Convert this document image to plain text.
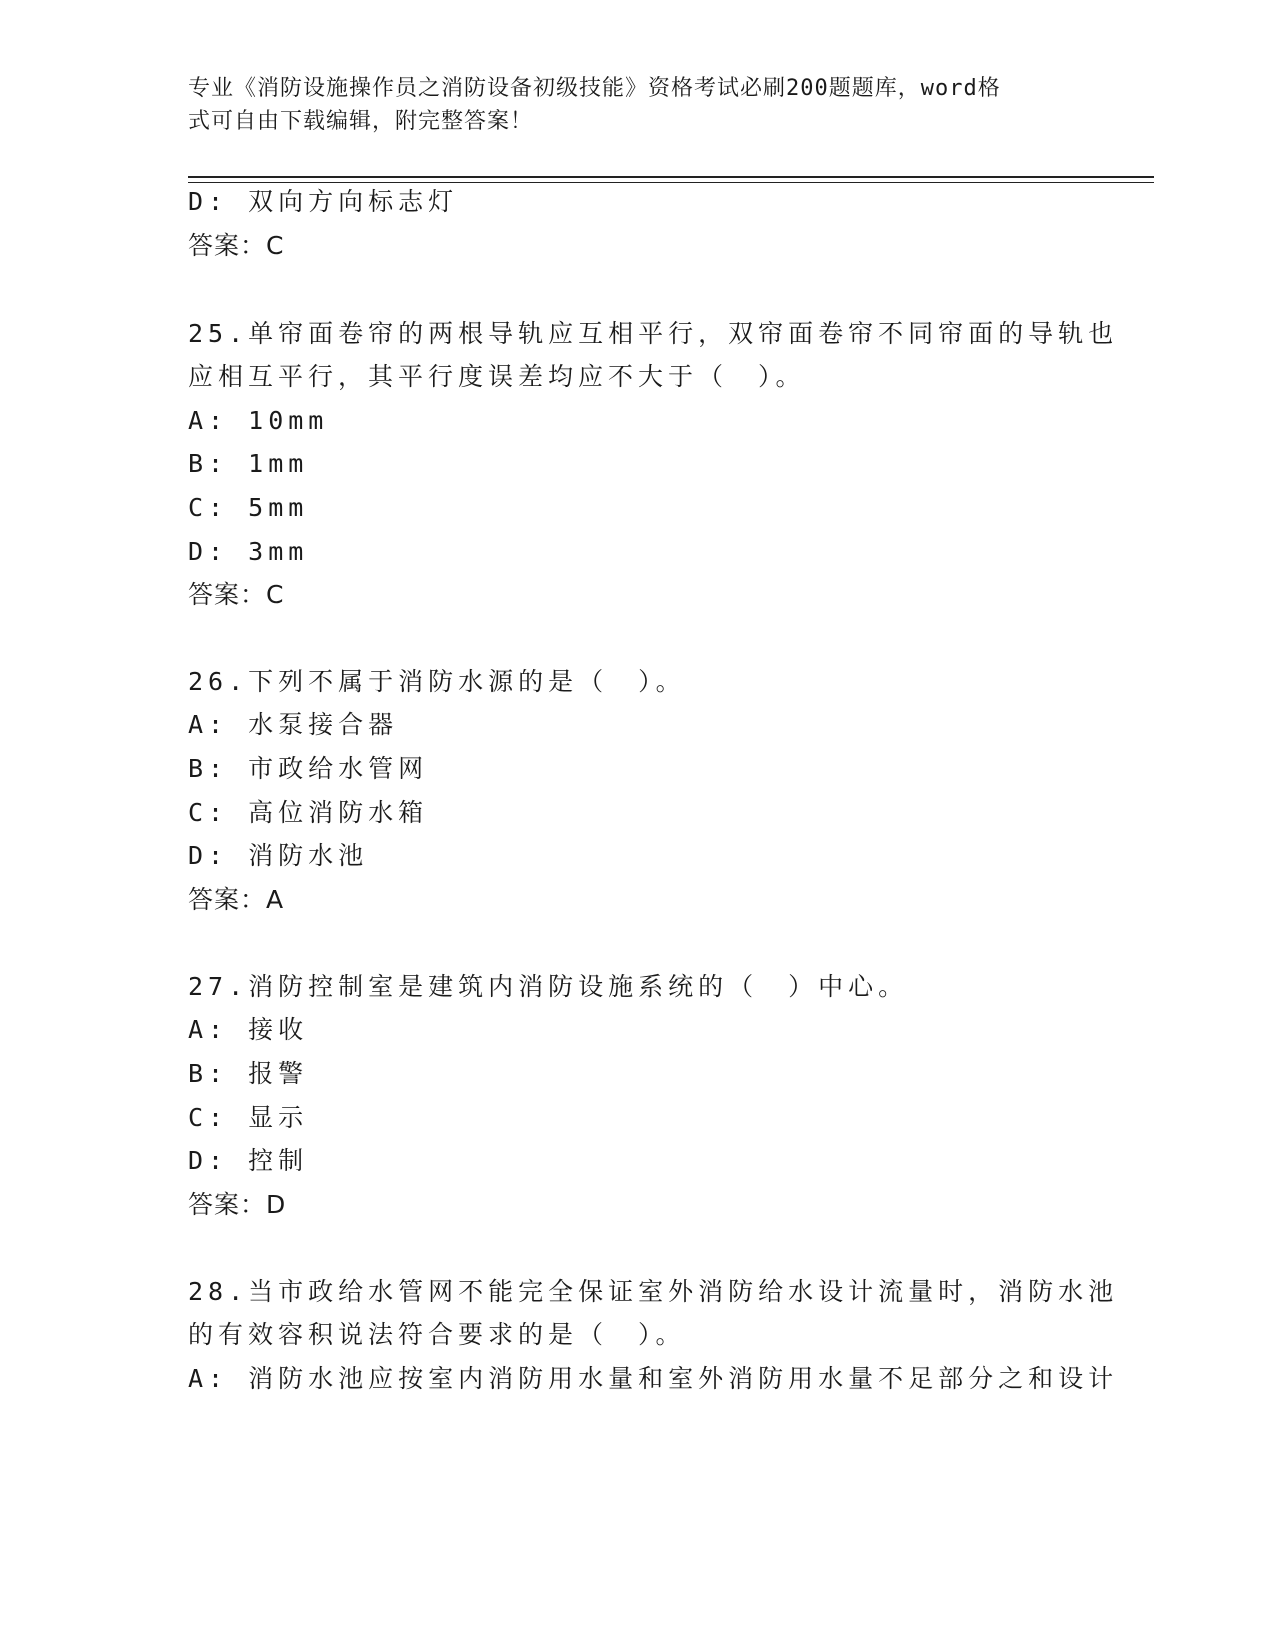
专业《消防设施操作员之消防设备初级技能》资格考试必刷200题题库，word格
式可自由下载编辑，附完整答案！
D: 双向方向标志灯
答案：C
25.单帘面卷帘的两根导轨应互相平行，双帘面卷帘不同帘面的导轨也
应相互平行，其平行度误差均应不大于（　）。
A: 10mm
B: 1mm
C: 5mm
D: 3mm
答案：C
26.下列不属于消防水源的是（　）。
A: 水泵接合器
B: 市政给水管网
C: 高位消防水箱
D: 消防水池
答案：A
27.消防控制室是建筑内消防设施系统的（　）中心。
A: 接收
B: 报警
C: 显示
D: 控制
答案：D
28.当市政给水管网不能完全保证室外消防给水设计流量时，消防水池
的有效容积说法符合要求的是（　）。
A: 消防水池应按室内消防用水量和室外消防用水量不足部分之和设计
